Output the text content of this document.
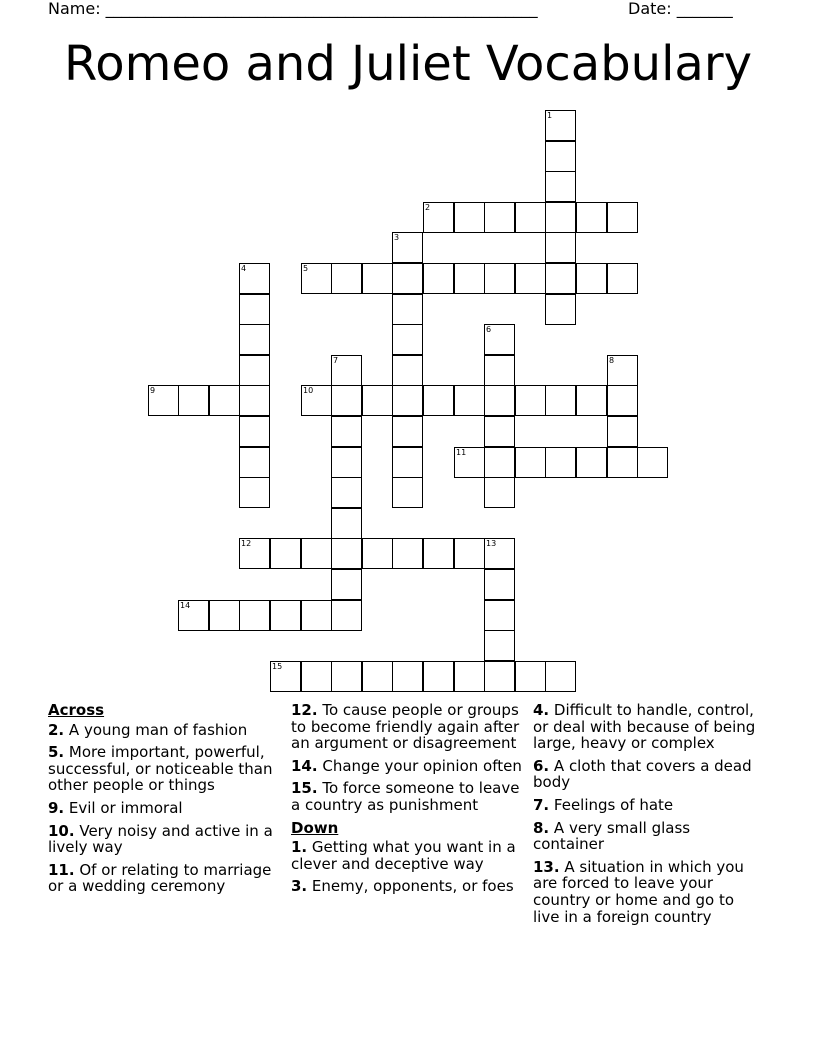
Name: ______________________________________________________	Date: _______
Romeo and Juliet Vocabulary
1
2
3
4	5
6
7	8
9	10
11
12	13
14
15
Across
2. A young man of fashion
5. More important, powerful, successful, or noticeable than other people or things
9. Evil or immoral
10. Very noisy and active in a lively way
11. Of or relating to marriage or a wedding ceremony
12. To cause people or groups to become friendly again after an argument or disagreement
14. Change your opinion often
15. To force someone to leave a country as punishment
Down
1. Getting what you want in a clever and deceptive way
3. Enemy, opponents, or foes
4. Difficult to handle, control, or deal with because of being large, heavy or complex
6. A cloth that covers a dead body
7. Feelings of hate
8. A very small glass container
13. A situation in which you are forced to leave your country or home and go to live in a foreign country
